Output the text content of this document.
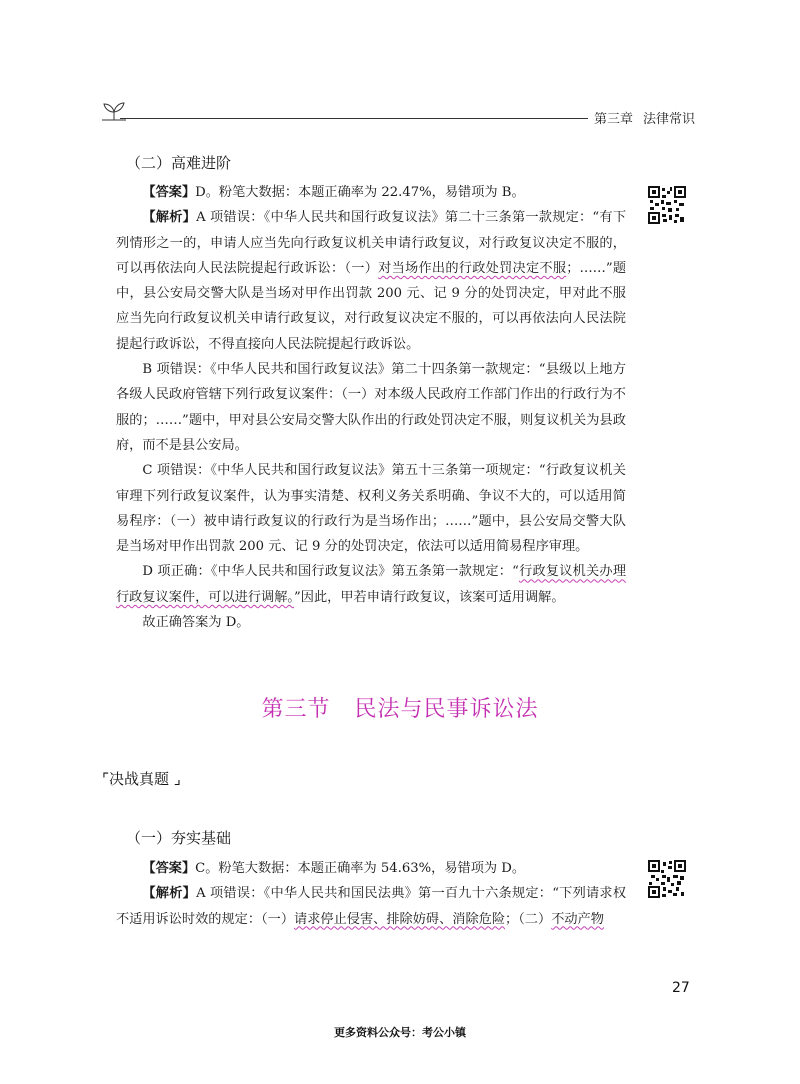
第三章 法律常识
（二）高难进阶

【答案】D。粉笔大数据：本题正确率为 22.47%，易错项为 B。

【解析】A 项错误：《中华人民共和国行政复议法》第二十三条第一款规定：“有下列情形之一的，申请人应当先向行政复议机关申请行政复议，对行政复议决定不服的，可以再依法向人民法院提起行政诉讼：（一）对当场作出的行政处罚决定不服；……”题中，县公安局交警大队是当场对甲作出罚款 200 元、记 9 分的处罚决定，甲对此不服应当先向行政复议机关申请行政复议，对行政复议决定不服的，可以再依法向人民法院提起行政诉讼，不得直接向人民法院提起行政诉讼。

B 项错误：《中华人民共和国行政复议法》第二十四条第一款规定：“县级以上地方各级人民政府管辖下列行政复议案件：（一）对本级人民政府工作部门作出的行政行为不服的；……”题中，甲对县公安局交警大队作出的行政处罚决定不服，则复议机关为县政府，而不是县公安局。

C 项错误：《中华人民共和国行政复议法》第五十三条第一项规定：“行政复议机关审理下列行政复议案件，认为事实清楚、权利义务关系明确、争议不大的，可以适用简易程序：（一）被申请行政复议的行政行为是当场作出；……”题中，县公安局交警大队是当场对甲作出罚款 200 元、记 9 分的处罚决定，依法可以适用简易程序审理。

D 项正确：《中华人民共和国行政复议法》第五条第一款规定：“行政复议机关办理行政复议案件，可以进行调解。”因此，甲若申请行政复议，该案可适用调解。

故正确答案为 D。

第三节 民法与民事诉讼法
⌜决战真题 ⌟
（一）夯实基础

【答案】C。粉笔大数据：本题正确率为 54.63%，易错项为 D。

【解析】A 项错误：《中华人民共和国民法典》第一百九十六条规定：“下列请求权不适用诉讼时效的规定：（一）请求停止侵害、排除妨碍、消除危险；（二）不动产物

27
更多资料公众号：考公小镇
